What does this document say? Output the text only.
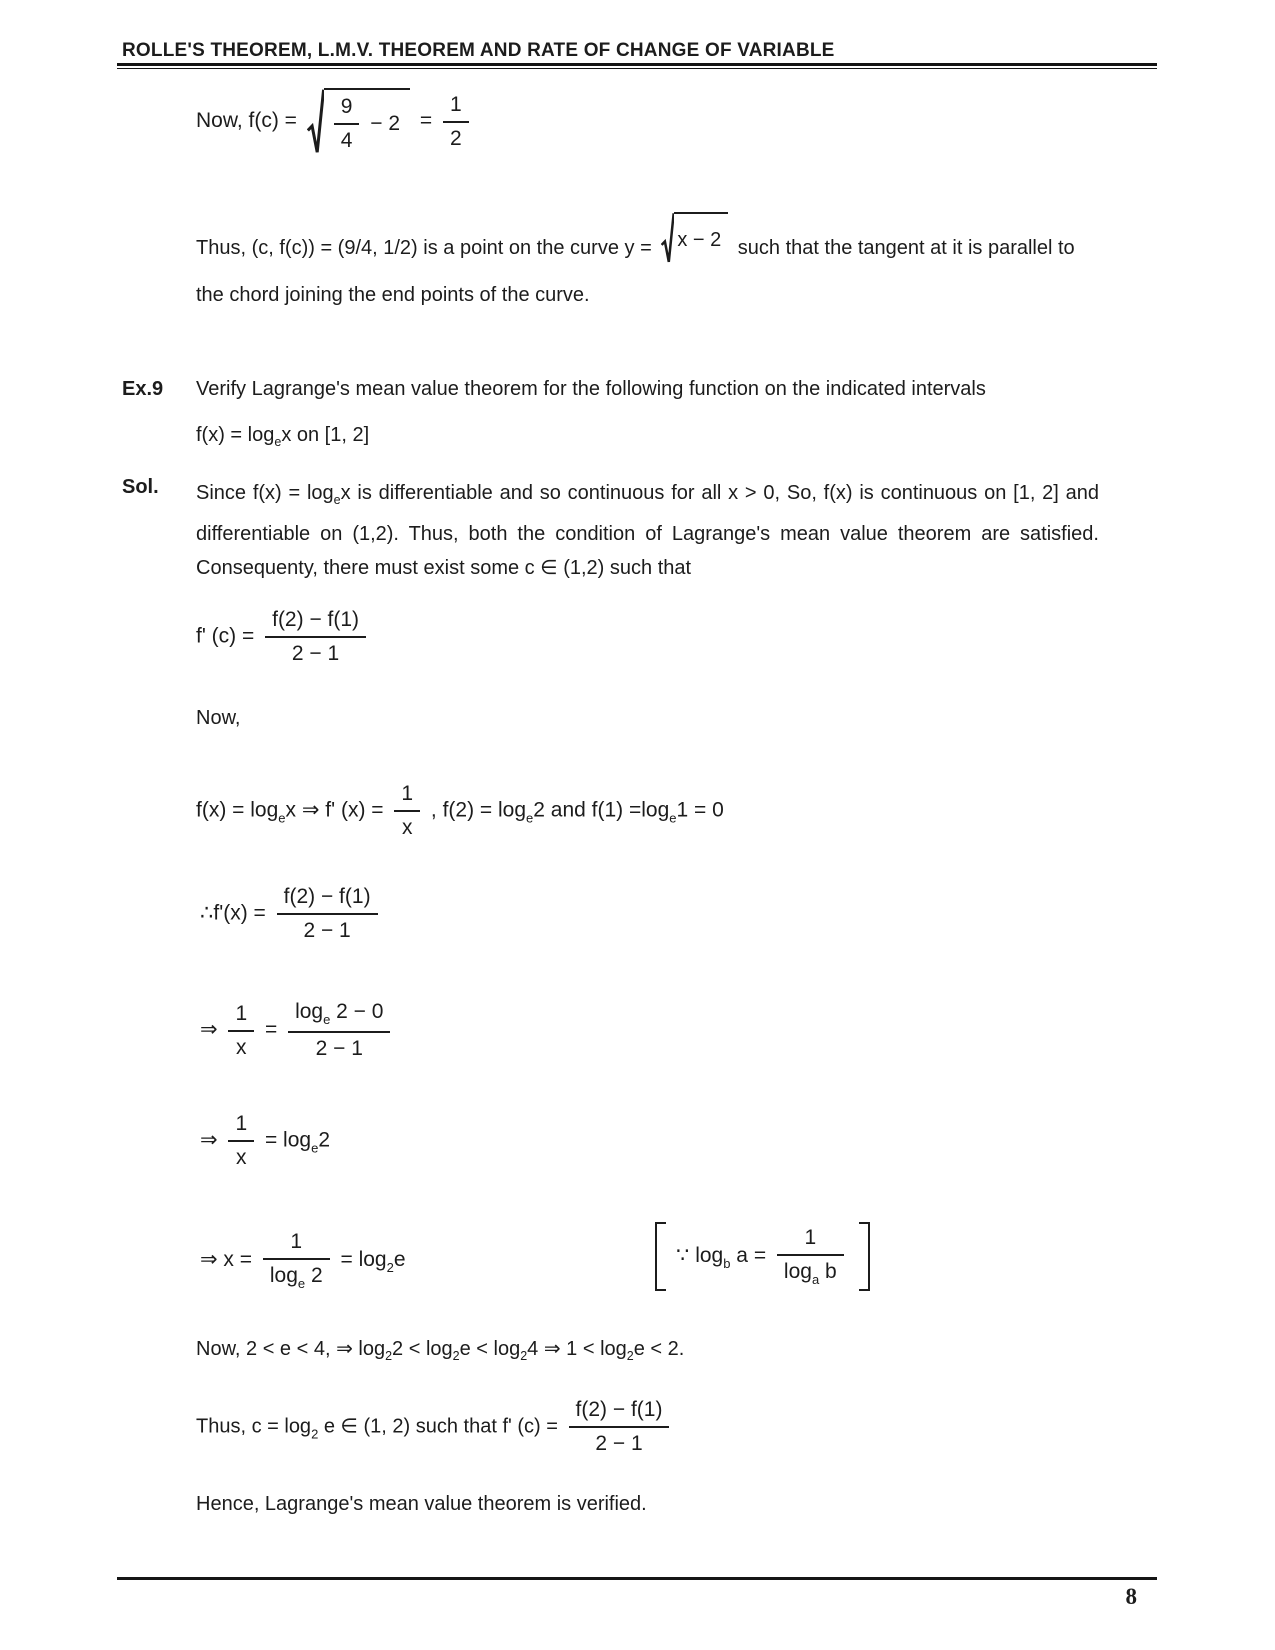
ROLLE'S THEOREM, L.M.V. THEOREM AND RATE OF CHANGE OF VARIABLE
Now, $f(c) = \frac{9}{4} - 2 = \frac{1}{2}$
Thus, (c, f(c)) = (9/4, 1/2) is a point on the curve y = x − 2 such that the tangent at it is parallel to the chord joining the end points of the curve.
Ex.9 Verify Lagrange's mean value theorem for the following function on the indicated intervals
$f(x) = \log_ex$ on [1, 2]
Sol. Since $f(x) = \log_ex$ is differentiable and so continuous for all x > 0, So, f(x) is continuous on [1, 2] and differentiable on (1,2). Thus, both the condition of Lagrange's mean value theorem are satisfied. Consequenty, there must exist some c ∈ (1,2) such that
f' $(c) = \frac{f(2) - f(1)}{2 - 1}$
Now,
$f(x) = \log_ex$ ⇒ f' $(x) = \frac{1}{x}$ , $f(2) = \log_e2$ and $f(1) =\log_e1 = 0$
∴f'(x) = $\frac{f(2) - f(1)}{2 - 1}$
⇒ $\frac{1}{x} = \frac{\log_e 2 - 0}{2 - 1}$
⇒ $\frac{1}{x} = \log_e2$
⇒ $x = \frac{1}{\log_e 2} = \log_2e$	∵ $\log_b a = \frac{1}{\log_a b}$
Now, 2 < e < 4, ⇒ $\log_22 < \log_2e < \log_24$ ⇒ $1 < \log_2e < 2$.
Thus, $c = \log_2 e$ ∈ (1, 2) such that f' $(c) = \frac{f(2) - f(1)}{2 - 1}$
Hence, Lagrange's mean value theorem is verified.
8
